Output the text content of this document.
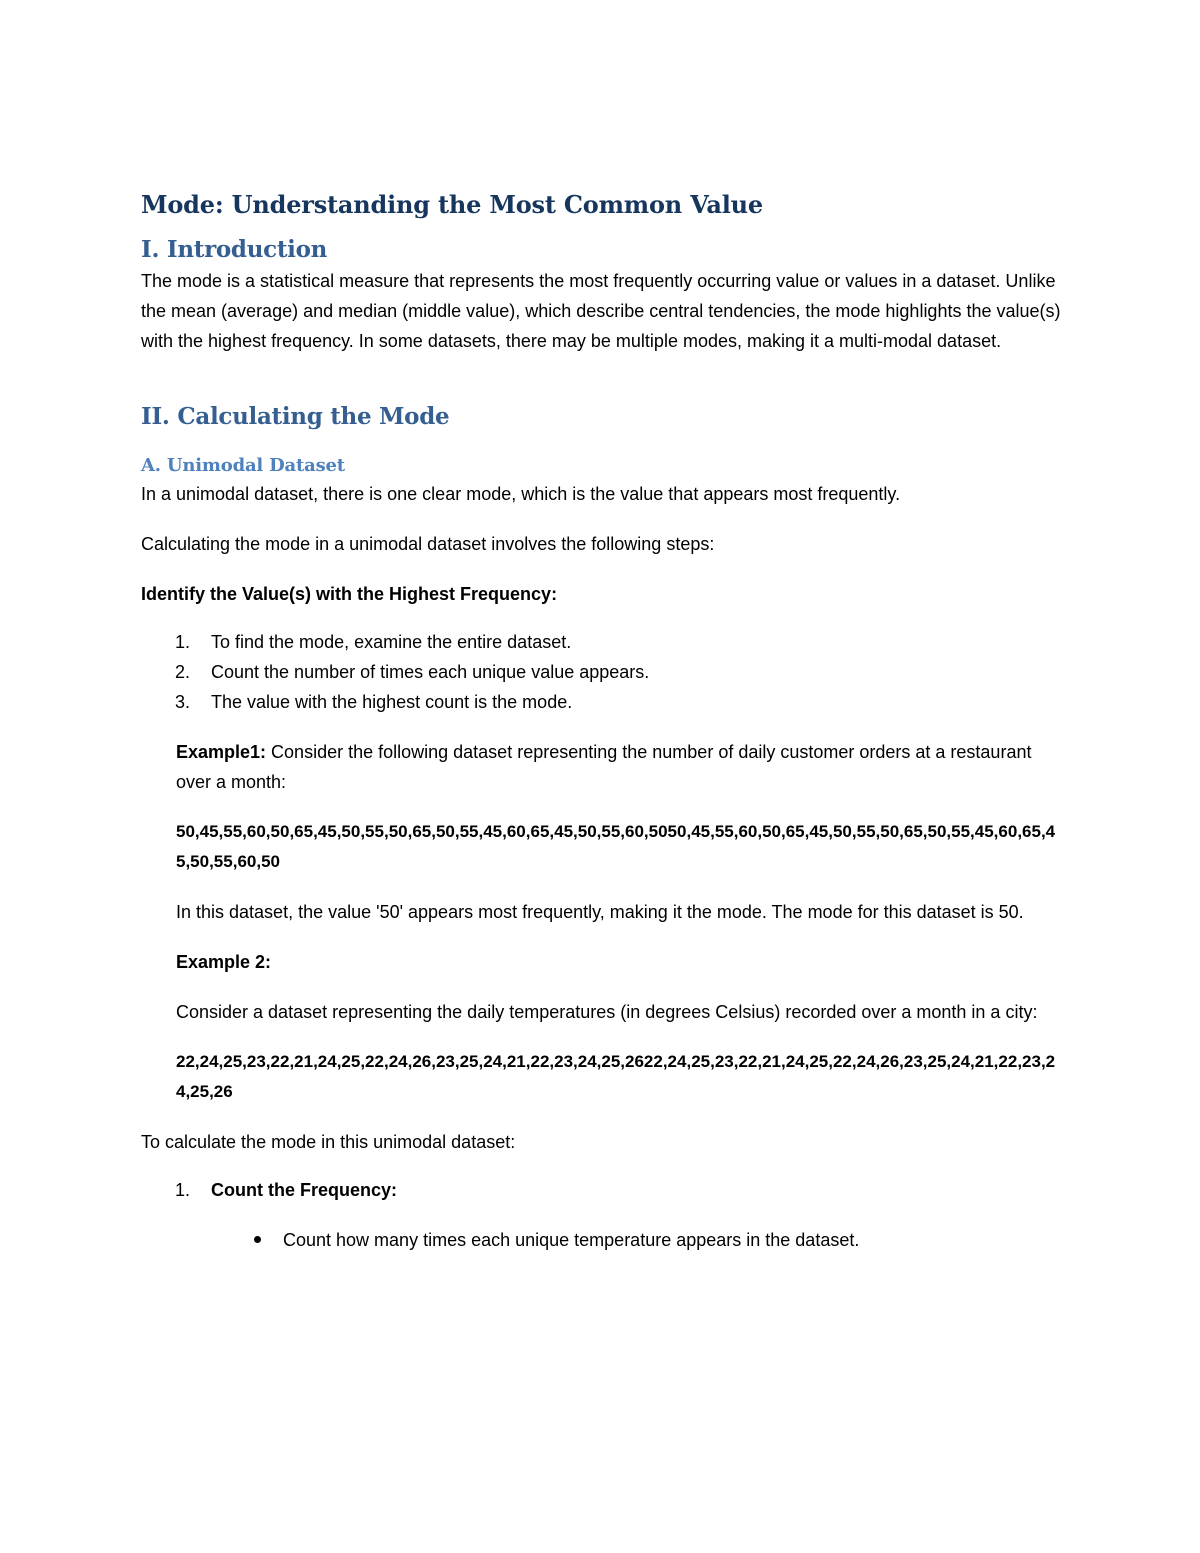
Mode: Understanding the Most Common Value
I. Introduction

The mode is a statistical measure that represents the most frequently occurring value or values in a dataset. Unlike the mean (average) and median (middle value), which describe central tendencies, the mode highlights the value(s) with the highest frequency. In some datasets, there may be multiple modes, making it a multi-modal dataset.

II. Calculating the Mode
A. Unimodal Dataset

In a unimodal dataset, there is one clear mode, which is the value that appears most frequently.

Calculating the mode in a unimodal dataset involves the following steps:

Identify the Value(s) with the Highest Frequency:

1. To find the mode, examine the entire dataset.
2. Count the number of times each unique value appears.
3. The value with the highest count is the mode.

Example1: Consider the following dataset representing the number of daily customer orders at a restaurant over a month:

50,45,55,60,50,65,45,50,55,50,65,50,55,45,60,65,45,50,55,60,5050,45,55,60,50,65,45,50,55,50,65,50,55,45,60,65,45,50,55,60,50

In this dataset, the value '50' appears most frequently, making it the mode. The mode for this dataset is 50.

Example 2:

Consider a dataset representing the daily temperatures (in degrees Celsius) recorded over a month in a city:

22,24,25,23,22,21,24,25,22,24,26,23,25,24,21,22,23,24,25,2622,24,25,23,22,21,24,25,22,24,26,23,25,24,21,22,23,24,25,26

To calculate the mode in this unimodal dataset:

1. Count the Frequency:
Count how many times each unique temperature appears in the dataset.
